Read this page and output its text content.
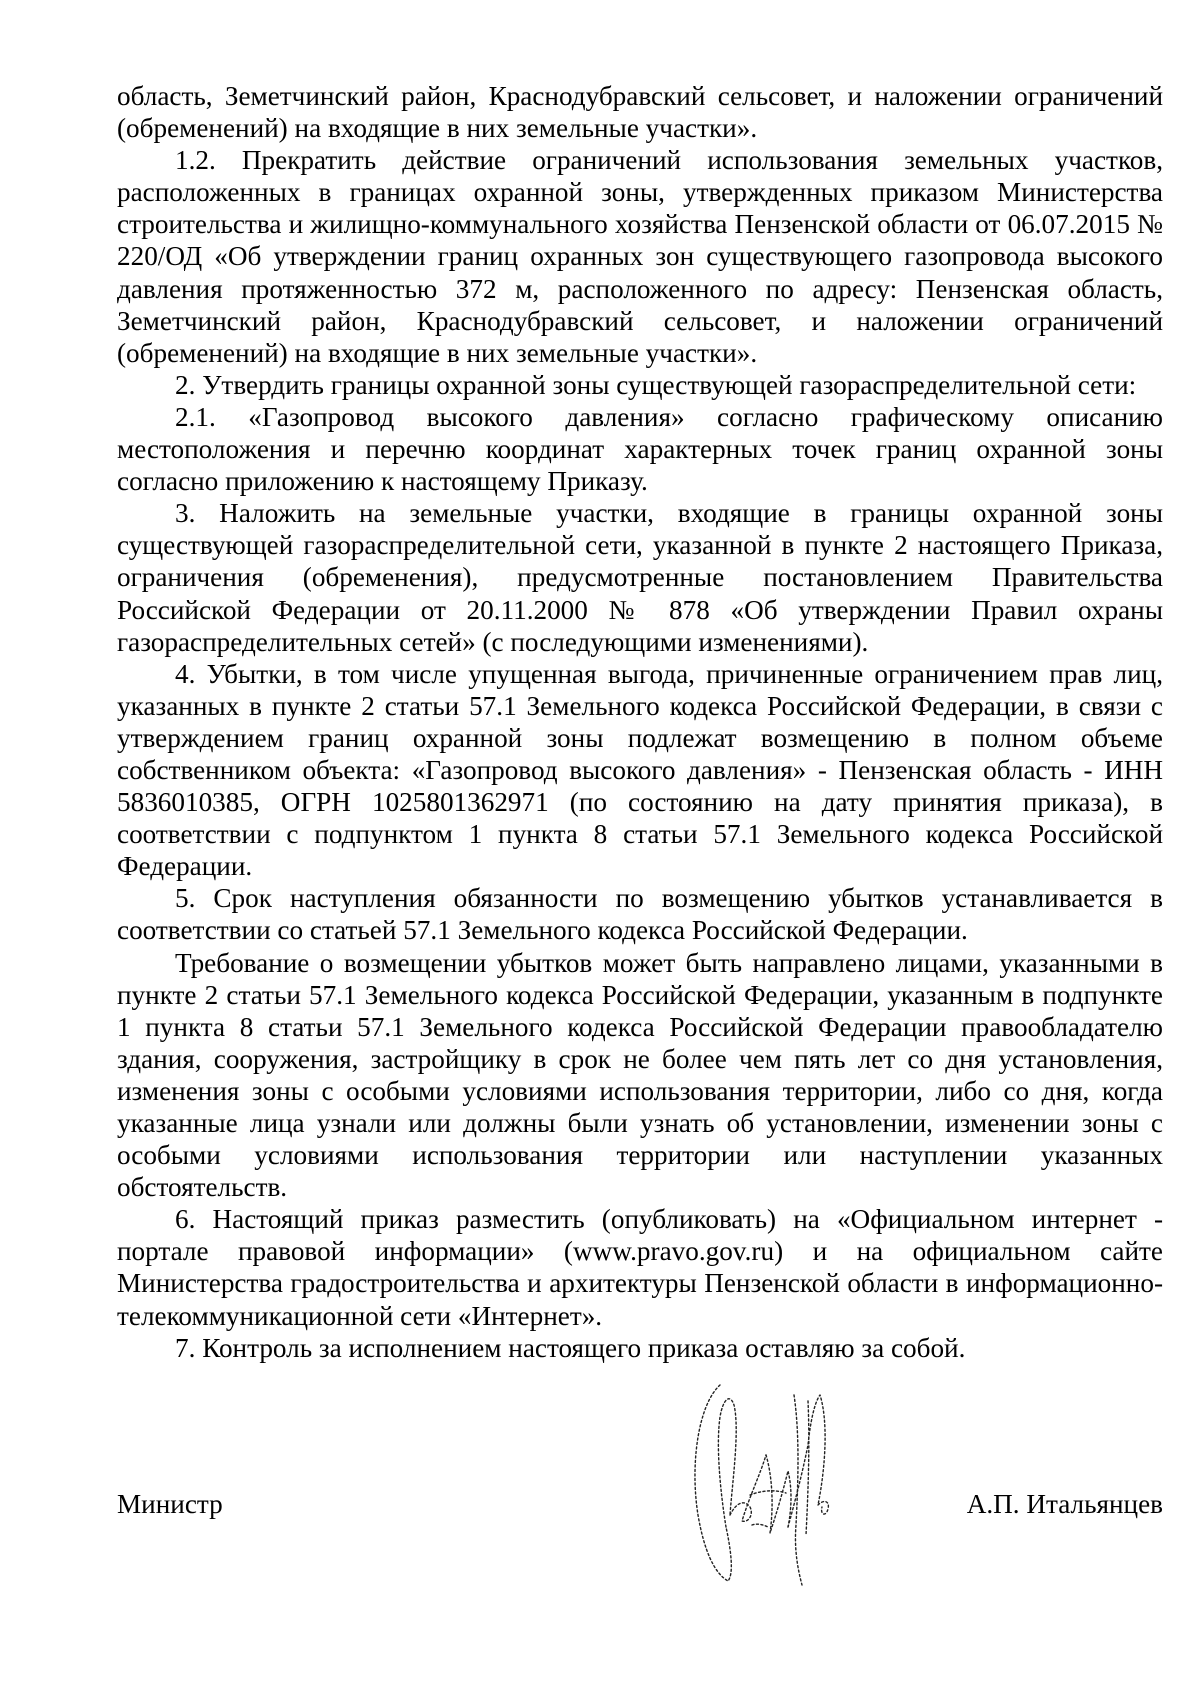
область, Земетчинский район, Краснодубравский сельсовет, и наложении ограничений (обременений) на входящие в них земельные участки».

1.2. Прекратить действие ограничений использования земельных участков, расположенных в границах охранной зоны, утвержденных приказом Министерства строительства и жилищно-коммунального хозяйства Пензенской области от 06.07.2015 № 220/ОД «Об утверждении границ охранных зон существующего газопровода высокого давления протяженностью 372 м, расположенного по адресу: Пензенская область, Земетчинский район, Краснодубравский сельсовет, и наложении ограничений (обременений) на входящие в них земельные участки».

2. Утвердить границы охранной зоны существующей газораспределительной сети:

2.1. «Газопровод высокого давления» согласно графическому описанию местоположения и перечню координат характерных точек границ охранной зоны согласно приложению к настоящему Приказу.

3. Наложить на земельные участки, входящие в границы охранной зоны существующей газораспределительной сети, указанной в пункте 2 настоящего Приказа, ограничения (обременения), предусмотренные постановлением Правительства Российской Федерации от 20.11.2000 № 878 «Об утверждении Правил охраны газораспределительных сетей» (с последующими изменениями).

4. Убытки, в том числе упущенная выгода, причиненные ограничением прав лиц, указанных в пункте 2 статьи 57.1 Земельного кодекса Российской Федерации, в связи с утверждением границ охранной зоны подлежат возмещению в полном объеме собственником объекта: «Газопровод высокого давления» - Пензенская область - ИНН 5836010385, ОГРН 1025801362971 (по состоянию на дату принятия приказа), в соответствии с подпунктом 1 пункта 8 статьи 57.1 Земельного кодекса Российской Федерации.

5. Срок наступления обязанности по возмещению убытков устанавливается в соответствии со статьей 57.1 Земельного кодекса Российской Федерации.

Требование о возмещении убытков может быть направлено лицами, указанными в пункте 2 статьи 57.1 Земельного кодекса Российской Федерации, указанным в подпункте 1 пункта 8 статьи 57.1 Земельного кодекса Российской Федерации правообладателю здания, сооружения, застройщику в срок не более чем пять лет со дня установления, изменения зоны с особыми условиями использования территории, либо со дня, когда указанные лица узнали или должны были узнать об установлении, изменении зоны с особыми условиями использования территории или наступлении указанных обстоятельств.

6. Настоящий приказ разместить (опубликовать) на «Официальном интернет - портале правовой информации» (www.pravo.gov.ru) и на официальном сайте Министерства градостроительства и архитектуры Пензенской области в информационно-телекоммуникационной сети «Интернет».

7. Контроль за исполнением настоящего приказа оставляю за собой.

Министр	А.П. Итальянцев
